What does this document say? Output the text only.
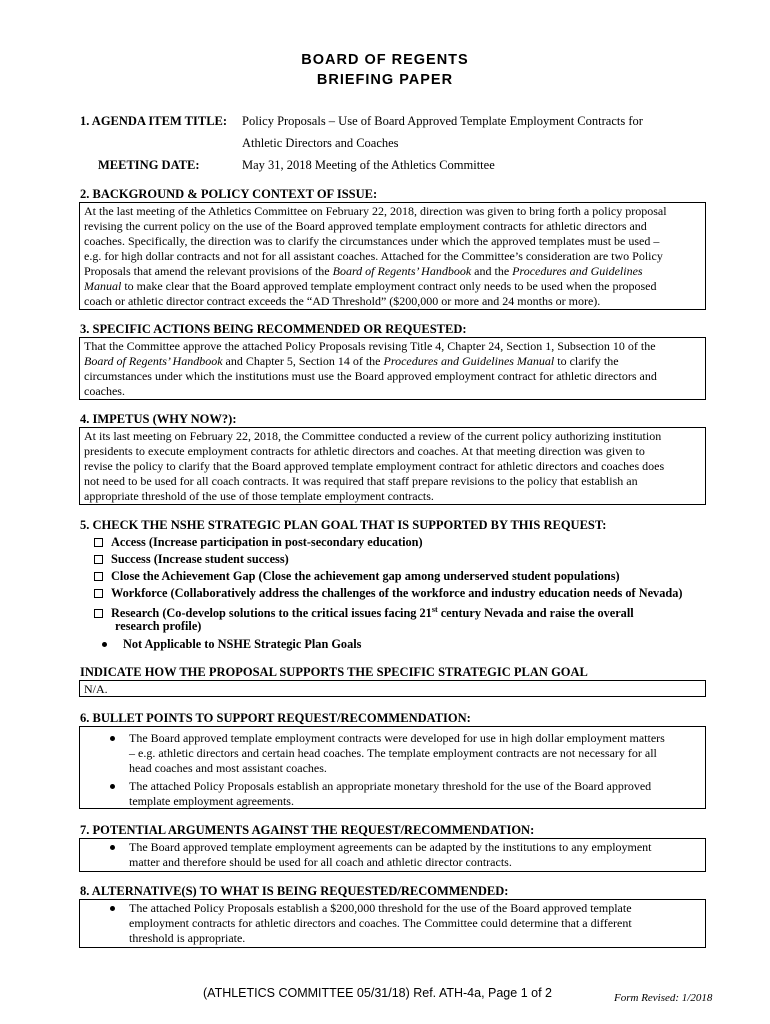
BOARD OF REGENTS
BRIEFING PAPER
1. AGENDA ITEM TITLE: Policy Proposals – Use of Board Approved Template Employment Contracts for
Athletic Directors and Coaches
MEETING DATE:	May 31, 2018 Meeting of the Athletics Committee
2. BACKGROUND & POLICY CONTEXT OF ISSUE:
At the last meeting of the Athletics Committee on February 22, 2018, direction was given to bring forth a policy proposal
revising the current policy on the use of the Board approved template employment contracts for athletic directors and
coaches. Specifically, the direction was to clarify the circumstances under which the approved templates must be used –
e.g. for high dollar contracts and not for all assistant coaches. Attached for the Committee’s consideration are two Policy
Proposals that amend the relevant provisions of the Board of Regents’ Handbook and the Procedures and Guidelines
Manual to make clear that the Board approved template employment contract only needs to be used when the proposed
coach or athletic director contract exceeds the “AD Threshold” ($200,000 or more and 24 months or more).
3. SPECIFIC ACTIONS BEING RECOMMENDED OR REQUESTED:
That the Committee approve the attached Policy Proposals revising Title 4, Chapter 24, Section 1, Subsection 10 of the
Board of Regents’ Handbook and Chapter 5, Section 14 of the Procedures and Guidelines Manual to clarify the
circumstances under which the institutions must use the Board approved employment contract for athletic directors and
coaches.
4. IMPETUS (WHY NOW?):
At its last meeting on February 22, 2018, the Committee conducted a review of the current policy authorizing institution
presidents to execute employment contracts for athletic directors and coaches. At that meeting direction was given to
revise the policy to clarify that the Board approved template employment contract for athletic directors and coaches does
not need to be used for all coach contracts. It was required that staff prepare revisions to the policy that establish an
appropriate threshold of the use of those template employment contracts.
5. CHECK THE NSHE STRATEGIC PLAN GOAL THAT IS SUPPORTED BY THIS REQUEST:
Access (Increase participation in post-secondary education)
Success (Increase student success)
Close the Achievement Gap (Close the achievement gap among underserved student populations)
Workforce (Collaboratively address the challenges of the workforce and industry education needs of Nevada)
Research (Co-develop solutions to the critical issues facing 21st century Nevada and raise the overall
research profile)
Not Applicable to NSHE Strategic Plan Goals
INDICATE HOW THE PROPOSAL SUPPORTS THE SPECIFIC STRATEGIC PLAN GOAL
N/A.
6. BULLET POINTS TO SUPPORT REQUEST/RECOMMENDATION:
The Board approved template employment contracts were developed for use in high dollar employment matters
– e.g. athletic directors and certain head coaches. The template employment contracts are not necessary for all
head coaches and most assistant coaches.
The attached Policy Proposals establish an appropriate monetary threshold for the use of the Board approved
template employment agreements.
7. POTENTIAL ARGUMENTS AGAINST THE REQUEST/RECOMMENDATION:
The Board approved template employment agreements can be adapted by the institutions to any employment
matter and therefore should be used for all coach and athletic director contracts.
8. ALTERNATIVE(S) TO WHAT IS BEING REQUESTED/RECOMMENDED:
The attached Policy Proposals establish a $200,000 threshold for the use of the Board approved template
employment contracts for athletic directors and coaches. The Committee could determine that a different
threshold is appropriate.
(ATHLETICS COMMITTEE 05/31/18) Ref. ATH-4a, Page 1 of 2	Form Revised: 1/2018
